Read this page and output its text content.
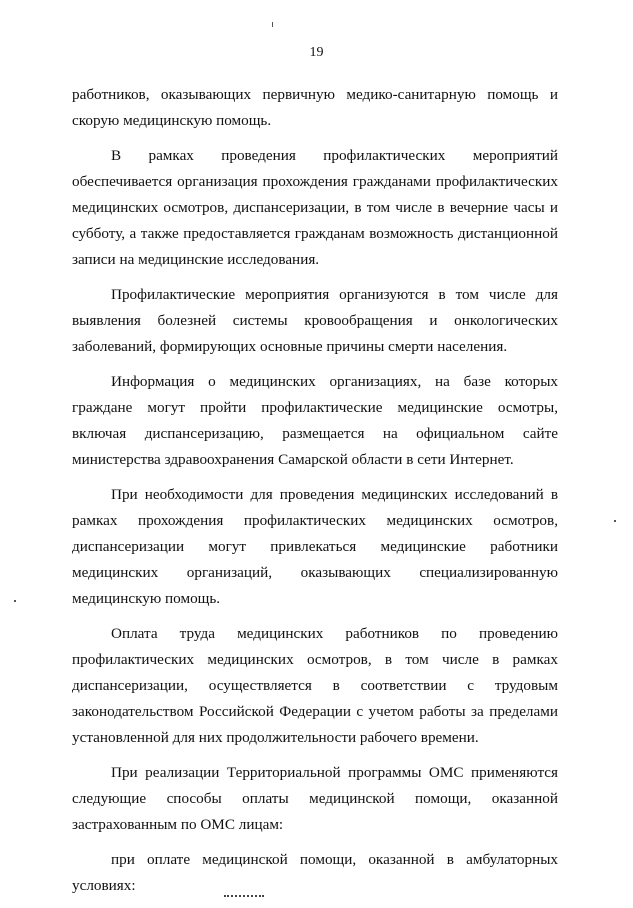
19

работников, оказывающих первичную медико-санитарную помощь и скорую медицинскую помощь.

В рамках проведения профилактических мероприятий обеспечивается организация прохождения гражданами профилактических медицинских осмотров, диспансеризации, в том числе в вечерние часы и субботу, а также предоставляется гражданам возможность дистанционной записи на медицинские исследования.

Профилактические мероприятия организуются в том числе для выявления болезней системы кровообращения и онкологических заболеваний, формирующих основные причины смерти населения.

Информация о медицинских организациях, на базе которых граждане могут пройти профилактические медицинские осмотры, включая диспансеризацию, размещается на официальном сайте министерства здравоохранения Самарской области в сети Интернет.

При необходимости для проведения медицинских исследований в рамках прохождения профилактических медицинских осмотров, диспансеризации могут привлекаться медицинские работники медицинских организаций, оказывающих специализированную медицинскую помощь.

Оплата труда медицинских работников по проведению профилактических медицинских осмотров, в том числе в рамках диспансеризации, осуществляется в соответствии с трудовым законодательством Российской Федерации с учетом работы за пределами установленной для них продолжительности рабочего времени.

При реализации Территориальной программы ОМС применяются следующие способы оплаты медицинской помощи, оказанной застрахованным по ОМС лицам:

при оплате медицинской помощи, оказанной в амбулаторных условиях:
